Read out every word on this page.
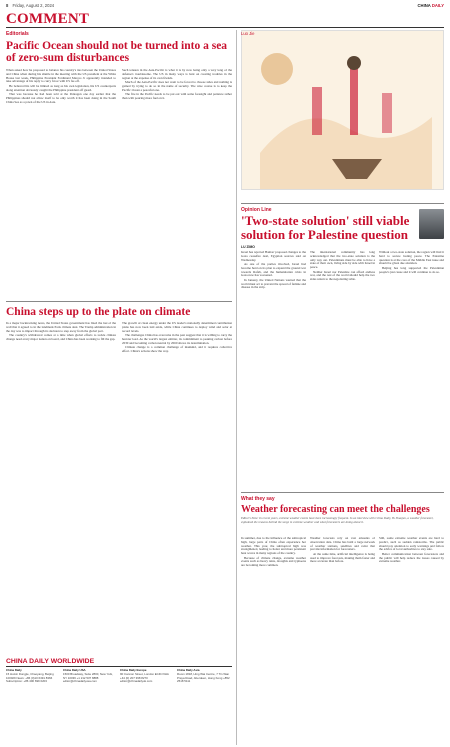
8 Friday, August 2, 2024	CHINA DAILY
COMMENT
Editorials
Pacific Ocean should not be turned into a sea of zero-sum disturbances

When asked how he proposed to balance his country's ties between the United States and China when during his shuttle in the meeting with the US president at the White House last week, Philippine President Ferdinand Marcos Jr apparently intended to take advantage of his reply to curry favor with US far-off.

He believed his will be limited as long as his own legislation, his US counterparts along attention obviously caught the Philippine president off guard.

That was because he had been told at the Pentagon one day earlier that the Philippines should not allow itself to be only worth it has been doing in the South China Sea as a pawn of the US in Asia.

Such tension in the Asia-Pacific is what it is by now being only a very long of the defense's troublesome. The US in many ways is bent on creating troubles in the region at the expense of its own friends.

Much of the Asia-Pacific does not want to be forced to choose sides and nothing is gained by trying to do so in the name of security. The wise course is to keep the Pacific Ocean a peaceful one.

The fire in the Pacific needs to be put out with some foresight and patience rather than with pouring more fuel on it.

China steps up to the plate on climate

In a major backtracking news, the United States government has fixed the last of the wall that it agreed to in the landmark Paris climate deal. The Trump administration in the day was to impact through its decision to step away from the global pact.

The country's withdrawal comes at a time when global efforts to tackle climate change need every major nation on board, and China has been working to fill the gap.

The growth of clean energy under the US leader's nationally determined contribution plans has now been laid aside, while China continues to deploy wind and solar at record levels.

The challenges China has overcome in the past suggest that it is willing to carry the heavier load. As the world's largest emitter, its commitment to peaking carbon before 2030 and becoming carbon neutral by 2060 shows its determination.

Climate change is a common challenge of mankind, and it requires collective effort. China's actions show the way.

Luo Jie
Opinion Line
'Two-state solution' still viable solution for Palestine question
LU ZIMO

Israel has rejected Hamas' proposed changes to the Gaza ceasefire deal, Egyptian sources said on Wednesday.

As one of the parties involved, Israel had become hard on its plan to expand the ground war towards Rafah, and the humanitarian crisis in Gaza now has worsened.

In January, the United Nations warned that the world must act to prevent the spread of famine and disease in the strip.

The international community has long acknowledged that the two-state solution is the only way out. Palestinians must be able to have a state of their own, living side by side with Israel in peace.

Neither Israel nor Palestine can afford endless war, and the rest of the world should help the two sides return to the negotiating table.

Without a two-state solution, the region will find it hard to secure lasting peace. The Palestine question is at the core of the Middle East issue and should be given due attention.

Beijing has long supported the Palestinian people's just cause and it will continue to do so.

What they say
Weather forecasting can meet the challenges
Editor's Note: In recent years, extreme weather events have been increasingly frequent. In an interview with China Daily, Yu Shaojun, a weather forecaster, explained the reasons behind the surge in extreme weather and what forecasters are doing about it.

In summer, due to the influence of the subtropical high, large parts of China often experience hot weather. This year, the subtropical high was strengthened, leading to hotter and more persistent heat waves in many regions of the country.

Because of climate change, extreme weather events such as heavy rains, droughts and typhoons are becoming more common.

Weather forecasts rely on vast amounts of observation data. China has built a large network of weather stations, satellites and radar that provide information for forecasters.

At the same time, artificial intelligence is being used to improve forecasts, making them faster and more accurate than before.

Still, some extreme weather events are hard to predict, such as sudden rainstorms. The public should pay attention to early warnings and follow the advice of local authorities to stay safe.

Better communication between forecasters and the public will help reduce the losses caused by extreme weather.

CHINA DAILY WORLDWIDE
China Daily
15 Huixin Dongjie, Chaoyang, Beijing 100029 News: +86 (0)10 6491 8366 Subscription: +86 400 699 0203
China Daily USA
1500 Broadway, Suite 2800, New York, NY 10036 +1 212 537 8888 editor@chinadailyusa.com
China Daily Europe
90 Cannon Street, London EC4N 6HA +44 (0) 207 398 8270 editor@chinadailyuk.com
China Daily Asia
Room 1818, Hing Wai Centre, 7 Tin Wan Praya Road, Aberdeen, Hong Kong +852 2518 5111
